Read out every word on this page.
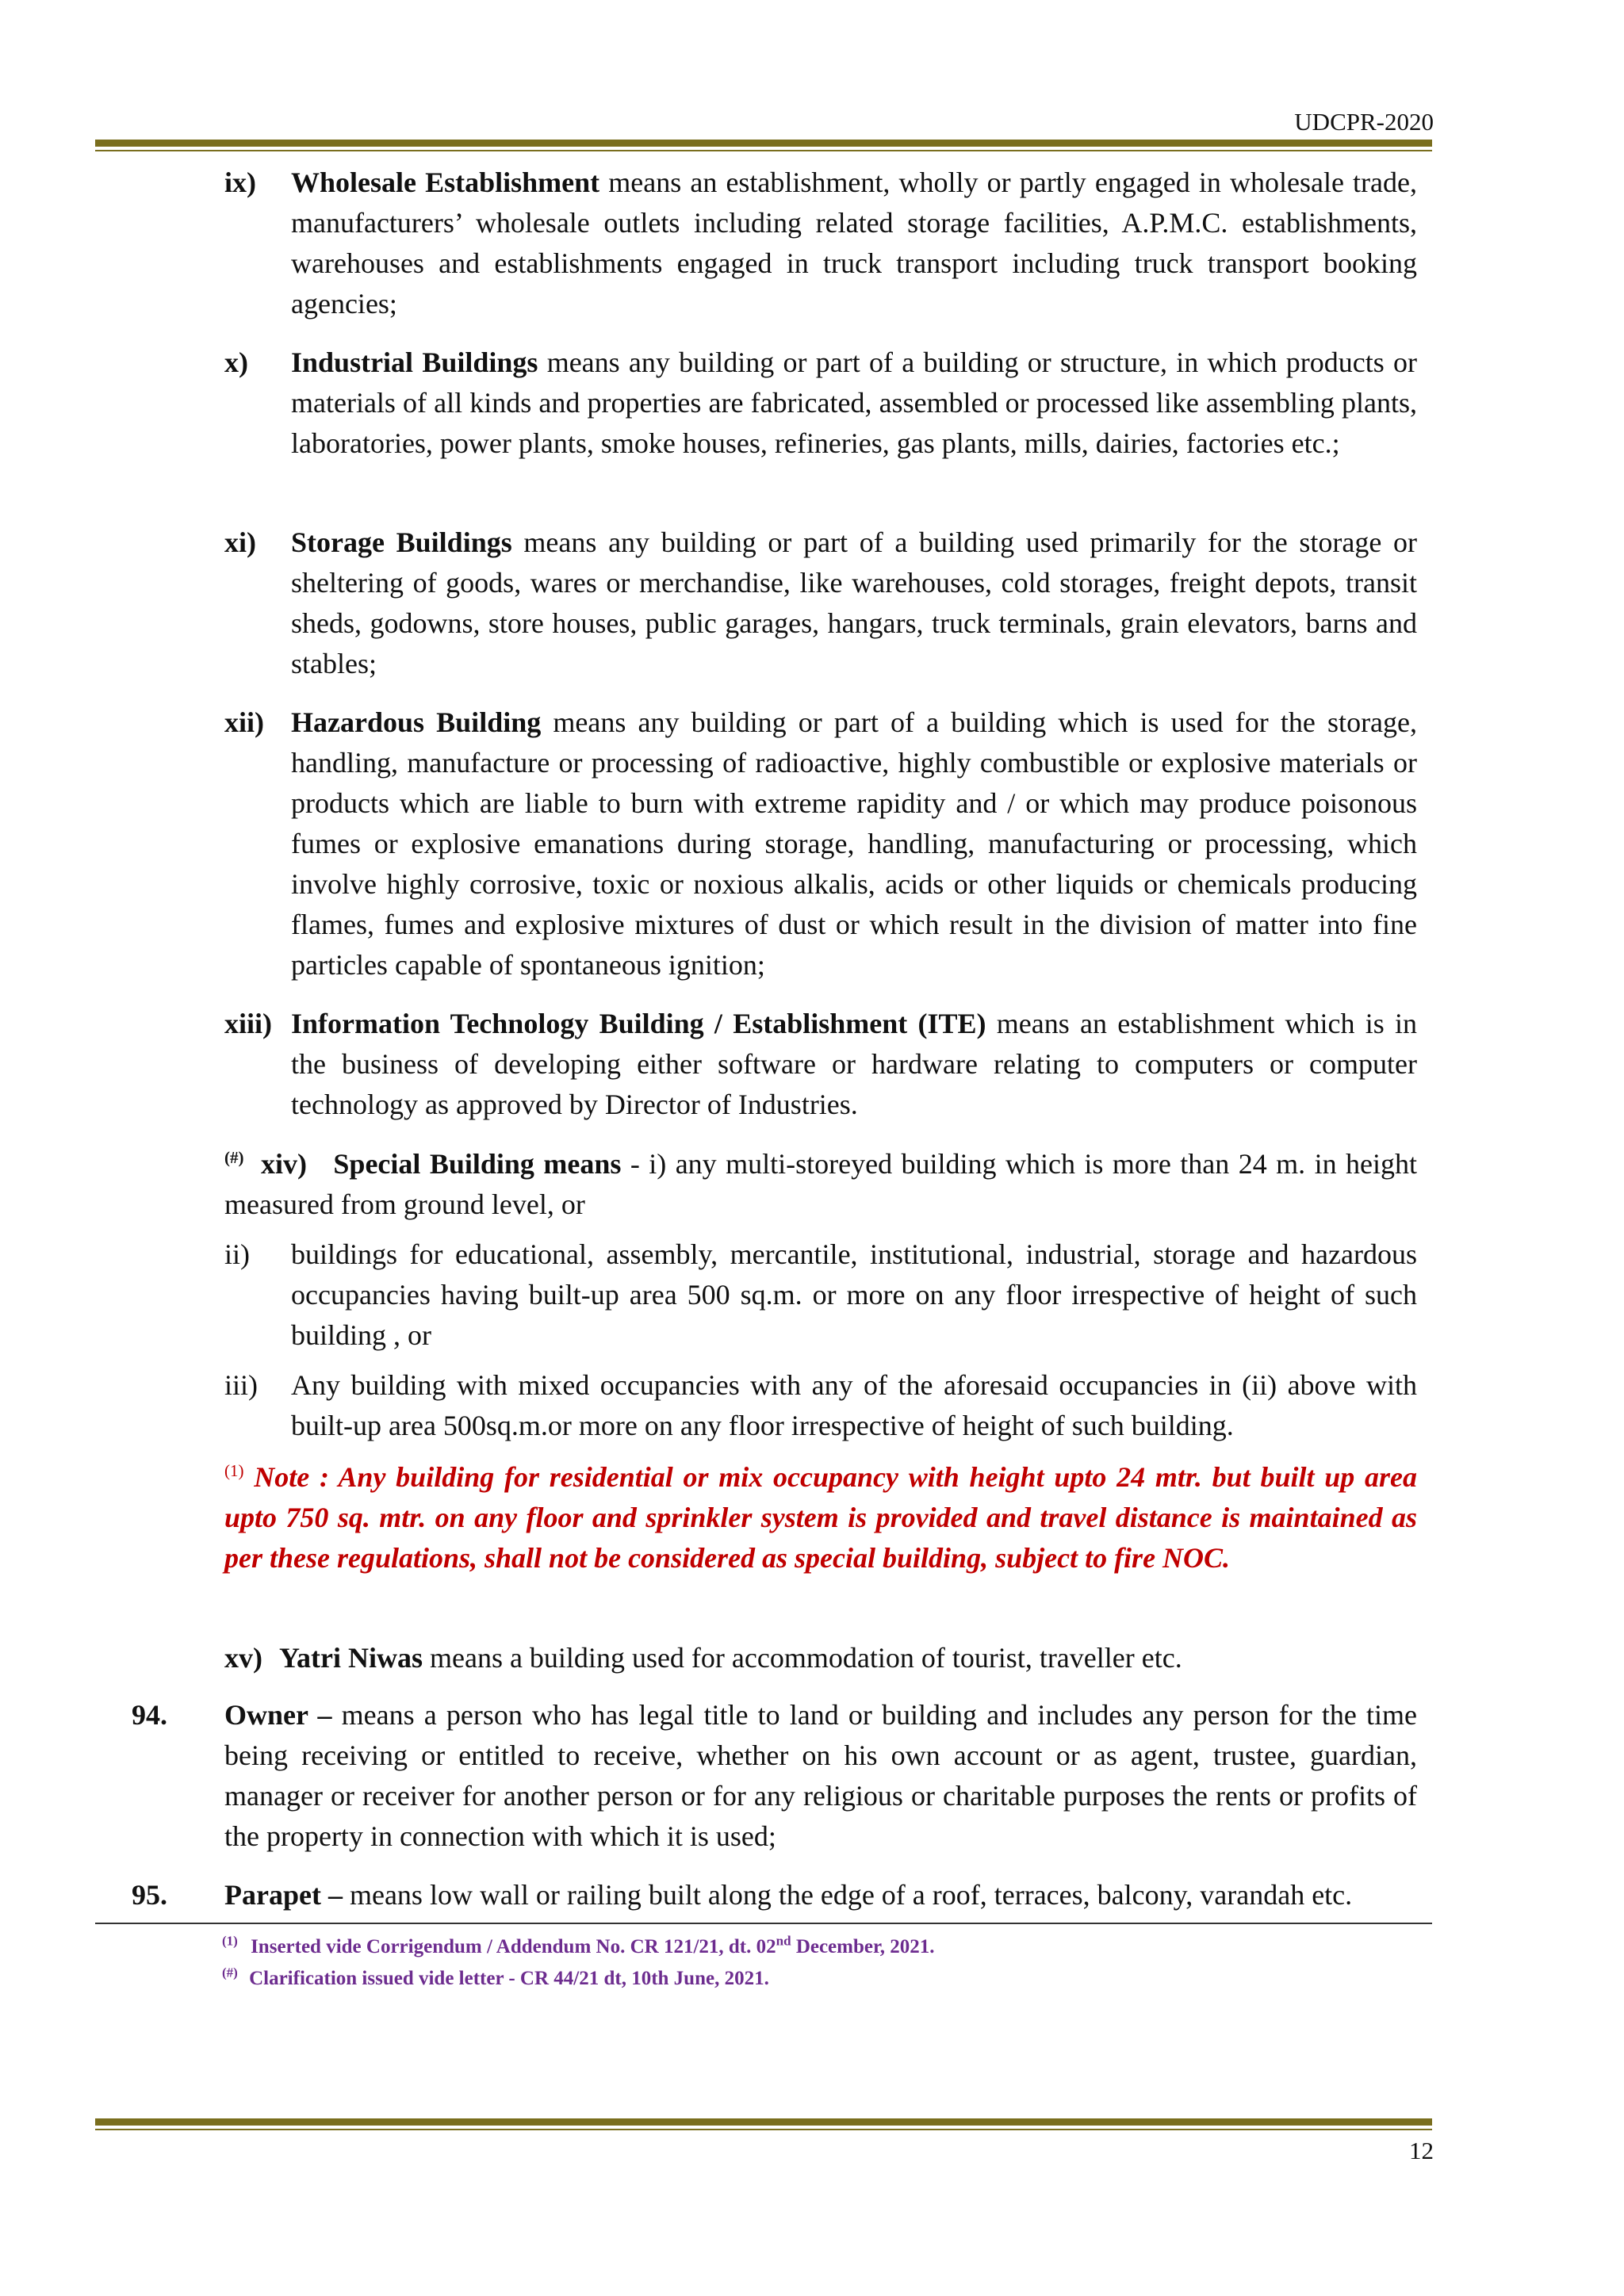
UDCPR-2020
ix) Wholesale Establishment means an establishment, wholly or partly engaged in wholesale trade, manufacturers’ wholesale outlets including related storage facilities, A.P.M.C. establishments, warehouses and establishments engaged in truck transport including truck transport booking agencies;
x) Industrial Buildings means any building or part of a building or structure, in which products or materials of all kinds and properties are fabricated, assembled or processed like assembling plants, laboratories, power plants, smoke houses, refineries, gas plants, mills, dairies, factories etc.;
xi) Storage Buildings means any building or part of a building used primarily for the storage or sheltering of goods, wares or merchandise, like warehouses, cold storages, freight depots, transit sheds, godowns, store houses, public garages, hangars, truck terminals, grain elevators, barns and stables;
xii) Hazardous Building means any building or part of a building which is used for the storage, handling, manufacture or processing of radioactive, highly combustible or explosive materials or products which are liable to burn with extreme rapidity and / or which may produce poisonous fumes or explosive emanations during storage, handling, manufacturing or processing, which involve highly corrosive, toxic or noxious alkalis, acids or other liquids or chemicals producing flames, fumes and explosive mixtures of dust or which result in the division of matter into fine particles capable of spontaneous ignition;
xiii) Information Technology Building / Establishment (ITE) means an establishment which is in the business of developing either software or hardware relating to computers or computer technology as approved by Director of Industries.
(#) xiv) Special Building means - i) any multi-storeyed building which is more than 24 m. in height measured from ground level, or
ii) buildings for educational, assembly, mercantile, institutional, industrial, storage and hazardous occupancies having built-up area 500 sq.m. or more on any floor irrespective of height of such building , or
iii) Any building with mixed occupancies with any of the aforesaid occupancies in (ii) above with built-up area 500sq.m.or more on any floor irrespective of height of such building.
$^{(1)}$ Note : Any building for residential or mix occupancy with height upto 24 mtr. but built up area upto 750 sq. mtr. on any floor and sprinkler system is provided and travel distance is maintained as per these regulations, shall not be considered as special building, subject to fire NOC.
xv) Yatri Niwas means a building used for accommodation of tourist, traveller etc.
94. Owner – means a person who has legal title to land or building and includes any person for the time being receiving or entitled to receive, whether on his own account or as agent, trustee, guardian, manager or receiver for another person or for any religious or charitable purposes the rents or profits of the property in connection with which it is used;
95. Parapet – means low wall or railing built along the edge of a roof, terraces, balcony, varandah etc.
$^{(1)}$ Inserted vide Corrigendum / Addendum No. CR 121/21, dt. 02nd December, 2021.
(#) Clarification issued vide letter - CR 44/21 dt, 10th June, 2021.
12
